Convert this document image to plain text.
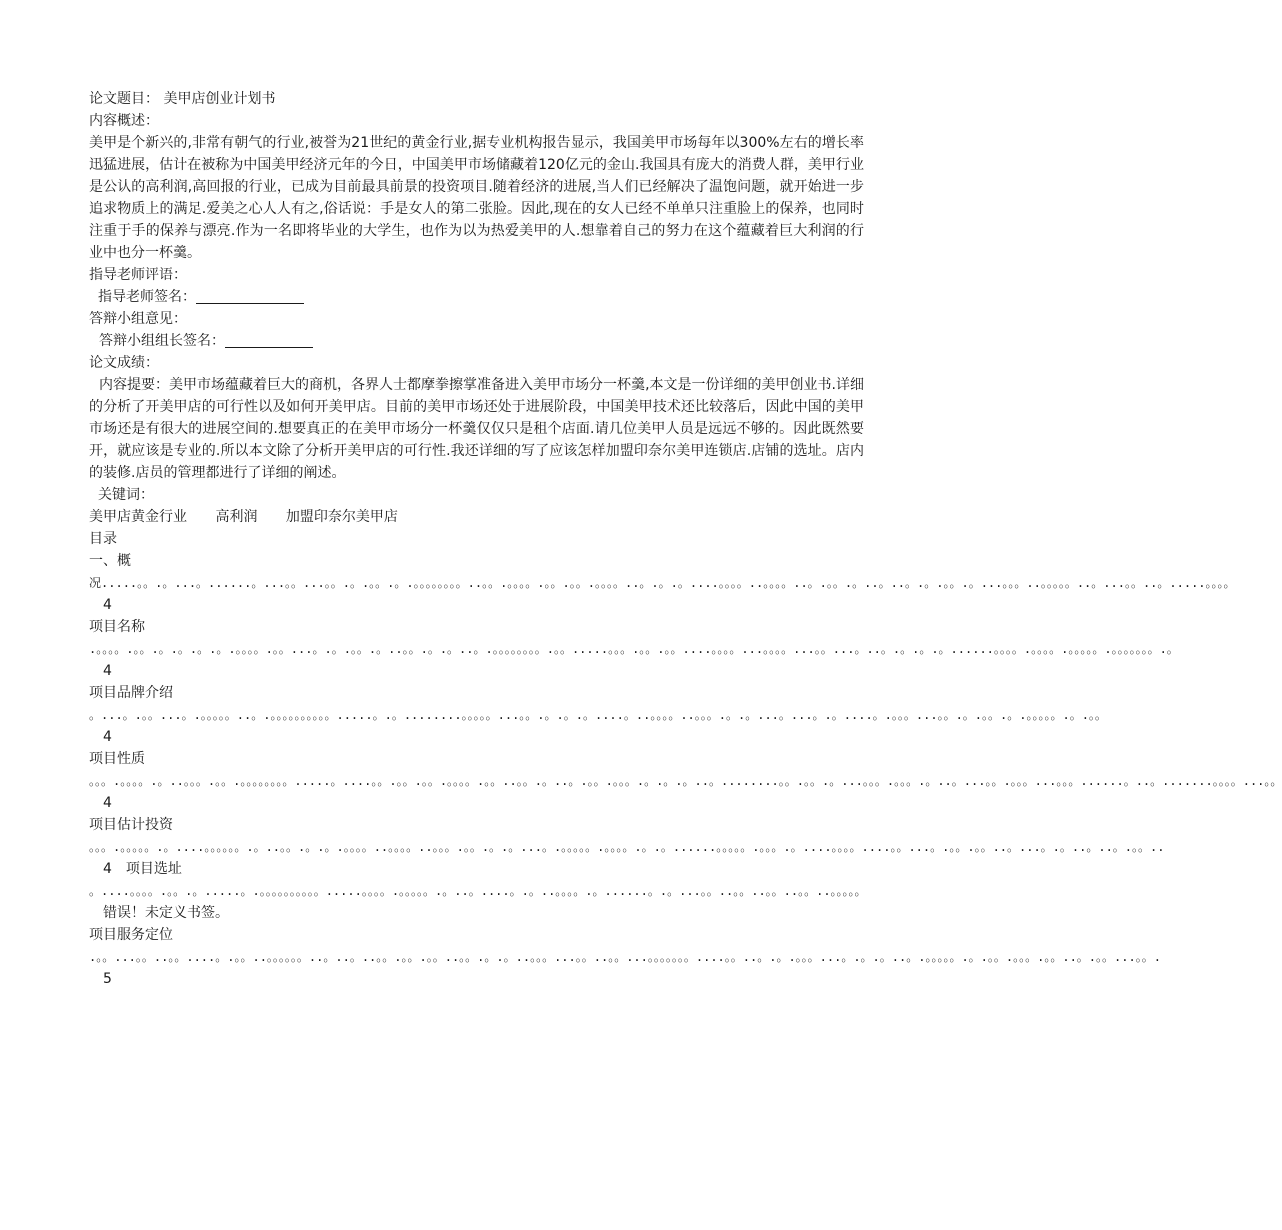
论文题目： 美甲店创业计划书

内容概述：

美甲是个新兴的,非常有朝气的行业,被誉为21世纪的黄金行业,据专业机构报告显示，我国美甲市场每年以300%左右的增长率迅猛进展，估计在被称为中国美甲经济元年的今日，中国美甲市场储藏着120亿元的金山.我国具有庞大的消费人群，美甲行业是公认的高利润,高回报的行业，已成为目前最具前景的投资项目.随着经济的进展,当人们已经解决了温饱问题，就开始进一步追求物质上的满足.爱美之心人人有之,俗话说：手是女人的第二张脸。因此,现在的女人已经不单单只注重脸上的保养，也同时注重于手的保养与漂亮.作为一名即将毕业的大学生，也作为以为热爱美甲的人.想靠着自己的努力在这个蕴藏着巨大利润的行业中也分一杯羹。

指导老师评语：

指导老师签名：

答辩小组意见：

答辩小组组长签名：

论文成绩：

内容提要：美甲市场蕴藏着巨大的商机，各界人士都摩拳擦掌准备进入美甲市场分一杯羹,本文是一份详细的美甲创业书.详细的分析了开美甲店的可行性以及如何开美甲店。目前的美甲市场还处于进展阶段，中国美甲技术还比较落后，因此中国的美甲市场还是有很大的进展空间的.想要真正的在美甲市场分一杯羹仅仅只是租个店面.请几位美甲人员是远远不够的。因此既然要开，就应该是专业的.所以本文除了分析开美甲店的可行性.我还详细的写了应该怎样加盟印奈尔美甲连锁店.店铺的选址。店内的装修.店员的管理都进行了详细的阐述。

关键词：

美甲店黄金行业 高利润 加盟印奈尔美甲店

目录

一、概

况.....。。.。...。......。...。。...。。.。.。。.。.。。。。。。。。..。。.。。。。.。。.。。.。。。。..。.。.。....。。。。..。。。。..。.。。.。..。..。.。.。。.。...。。。..。。。。。..。...。。..。.....。。。。4
项目名称
.。。。。.。。.。.。.。.。.。。。。.。。...。.。.。。.。..。。.。.。..。.。。。。。。。。.。。.....。。。.。。.。。....。。。。...。。。。...。。...。..。.。.。.。......。。。。.。。。。.。。。。。.。。。。。。。.。4
项目品牌介绍
。...。.。。...。.。。。。。..。.。。。。。。。。。。.....。.。........。。。。。...。。.。.。.。....。..。。。。..。。。.。.。...。...。.。....。.。。。...。。.。.。。.。.。。。。。.。.。。4
项目性质
。。。.。。。。.。..。。。.。。.。。。。。。。。.....。....。。.。。.。。.。。。。.。。..。。.。..。.。。.。。。.。.。.。..。........。。.。。.。...。。。.。。。.。..。...。。.。。。...。。。......。..。.......。。。。...。。4
项目估计投资
。。。.。。。。。.。....。。。。。。.。..。。.。.。.。。。。..。。。。..。。。.。。.。.。...。.。。。。。.。。。。.。.。......。。。。。.。。。.。....。。。。....。。...。.。。.。。..。...。.。..。..。.。。..4 项目选址
。....。。。。.。。.。.....。.。。。。。。。。。。.....。。。。.。。。。。.。..。....。.。..。。。。.。......。.。...。。..。。..。。..。。..。。。。。错误！未定义书签。
项目服务定位
.。。...。。..。。....。.。。..。。。。。。..。..。..。。.。。.。。..。。.。.。..。。。...。。..。。...。。。。。。。....。。..。.。.。。。...。.。.。..。.。。。。。.。.。。.。。。.。。..。.。。...。。.5
